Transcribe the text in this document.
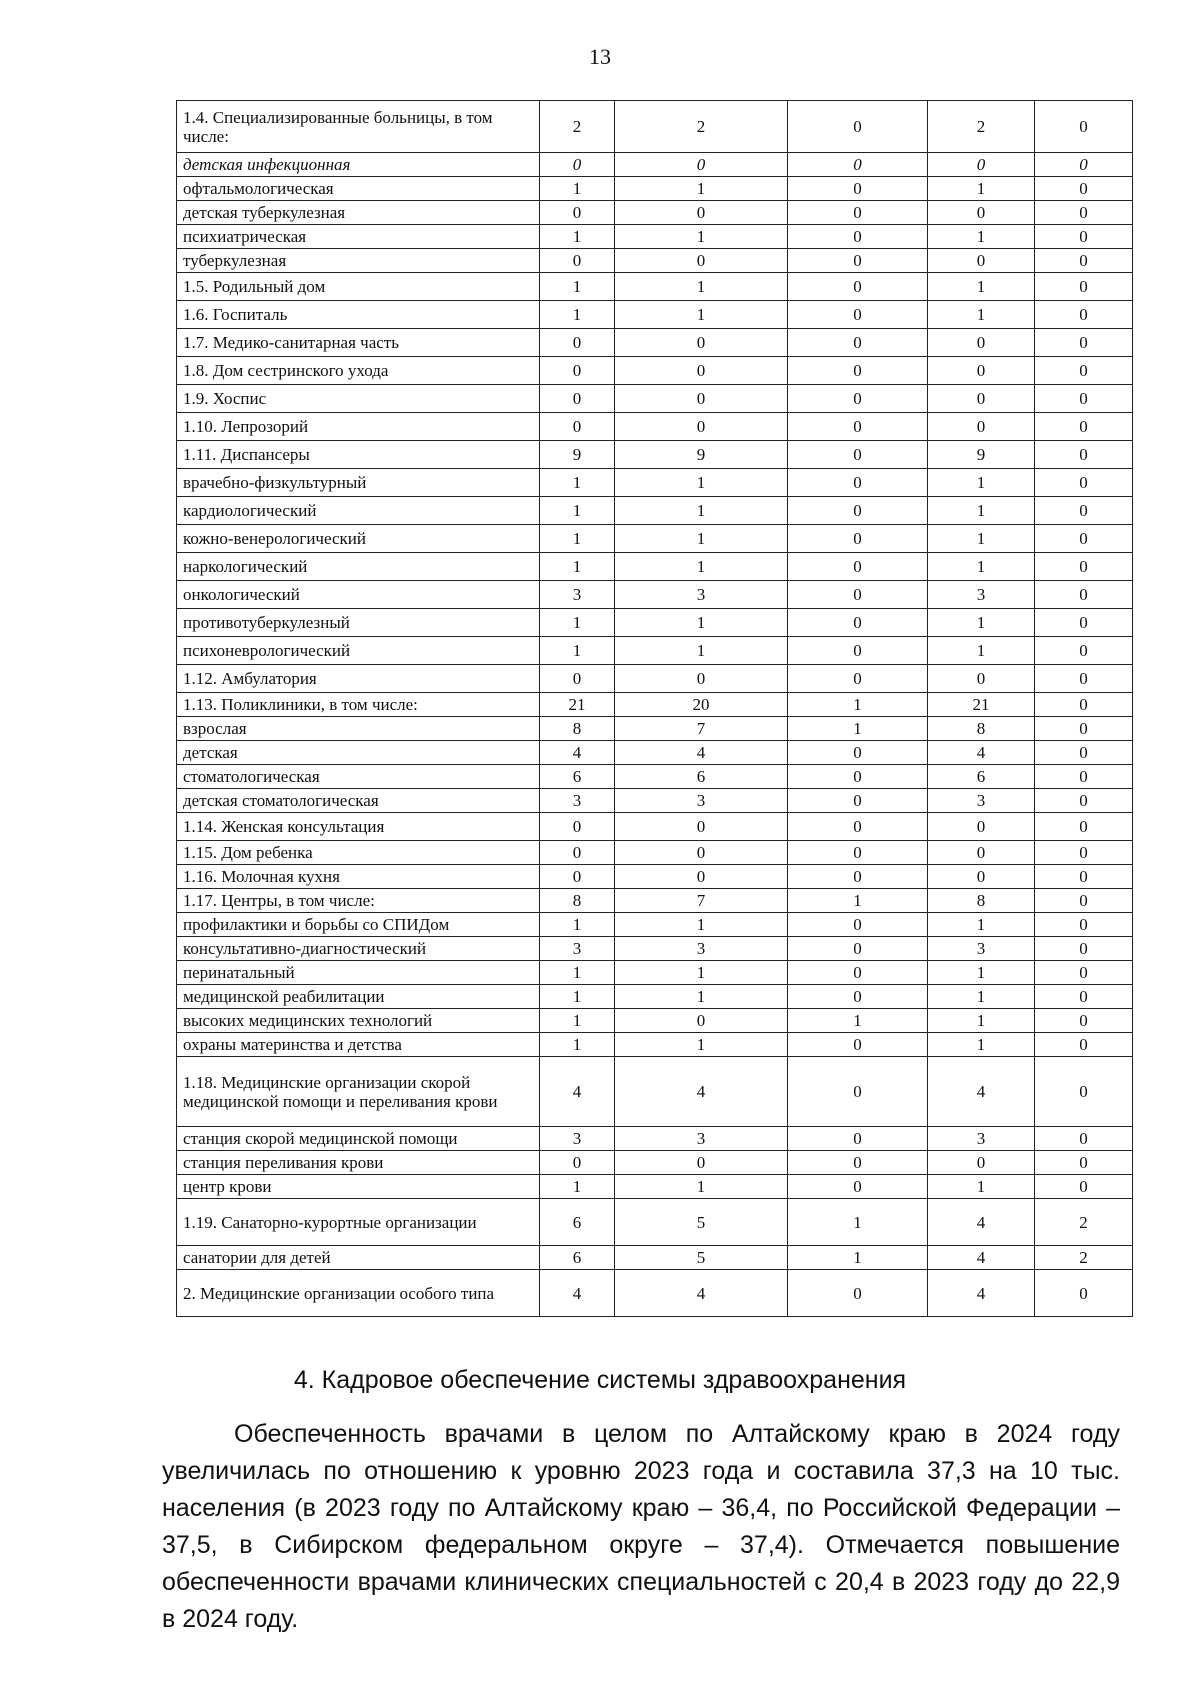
13
1.4. Специализированные больницы, в том числе:	2	2	0	2	0
детская инфекционная	0	0	0	0	0
офтальмологическая	1	1	0	1	0
детская туберкулезная	0	0	0	0	0
психиатрическая	1	1	0	1	0
туберкулезная	0	0	0	0	0
1.5. Родильный дом	1	1	0	1	0
1.6. Госпиталь	1	1	0	1	0
1.7. Медико-санитарная часть	0	0	0	0	0
1.8. Дом сестринского ухода	0	0	0	0	0
1.9. Хоспис	0	0	0	0	0
1.10. Лепрозорий	0	0	0	0	0
1.11. Диспансеры	9	9	0	9	0
врачебно-физкультурный	1	1	0	1	0
кардиологический	1	1	0	1	0
кожно-венерологический	1	1	0	1	0
наркологический	1	1	0	1	0
онкологический	3	3	0	3	0
противотуберкулезный	1	1	0	1	0
психоневрологический	1	1	0	1	0
1.12. Амбулатория	0	0	0	0	0
1.13. Поликлиники, в том числе:	21	20	1	21	0
взрослая	8	7	1	8	0
детская	4	4	0	4	0
стоматологическая	6	6	0	6	0
детская стоматологическая	3	3	0	3	0
1.14. Женская консультация	0	0	0	0	0
1.15. Дом ребенка	0	0	0	0	0
1.16. Молочная кухня	0	0	0	0	0
1.17. Центры, в том числе:	8	7	1	8	0
профилактики и борьбы со СПИДом	1	1	0	1	0
консультативно-диагностический	3	3	0	3	0
перинатальный	1	1	0	1	0
медицинской реабилитации	1	1	0	1	0
высоких медицинских технологий	1	0	1	1	0
охраны материнства и детства	1	1	0	1	0
1.18. Медицинские организации скорой медицинской помощи и переливания крови	4	4	0	4	0
станция скорой медицинской помощи	3	3	0	3	0
станция переливания крови	0	0	0	0	0
центр крови	1	1	0	1	0
1.19. Санаторно-курортные организации	6	5	1	4	2
санатории для детей	6	5	1	4	2
2. Медицинские организации особого типа	4	4	0	4	0
4. Кадровое обеспечение системы здравоохранения
Обеспеченность врачами в целом по Алтайскому краю в 2024 году увеличилась по отношению к уровню 2023 года и составила 37,3 на 10 тыс. населения (в 2023 году по Алтайскому краю – 36,4, по Российской Федерации – 37,5, в Сибирском федеральном округе – 37,4). Отмечается повышение обеспеченности врачами клинических специальностей с 20,4 в 2023 году до 22,9 в 2024 году.
